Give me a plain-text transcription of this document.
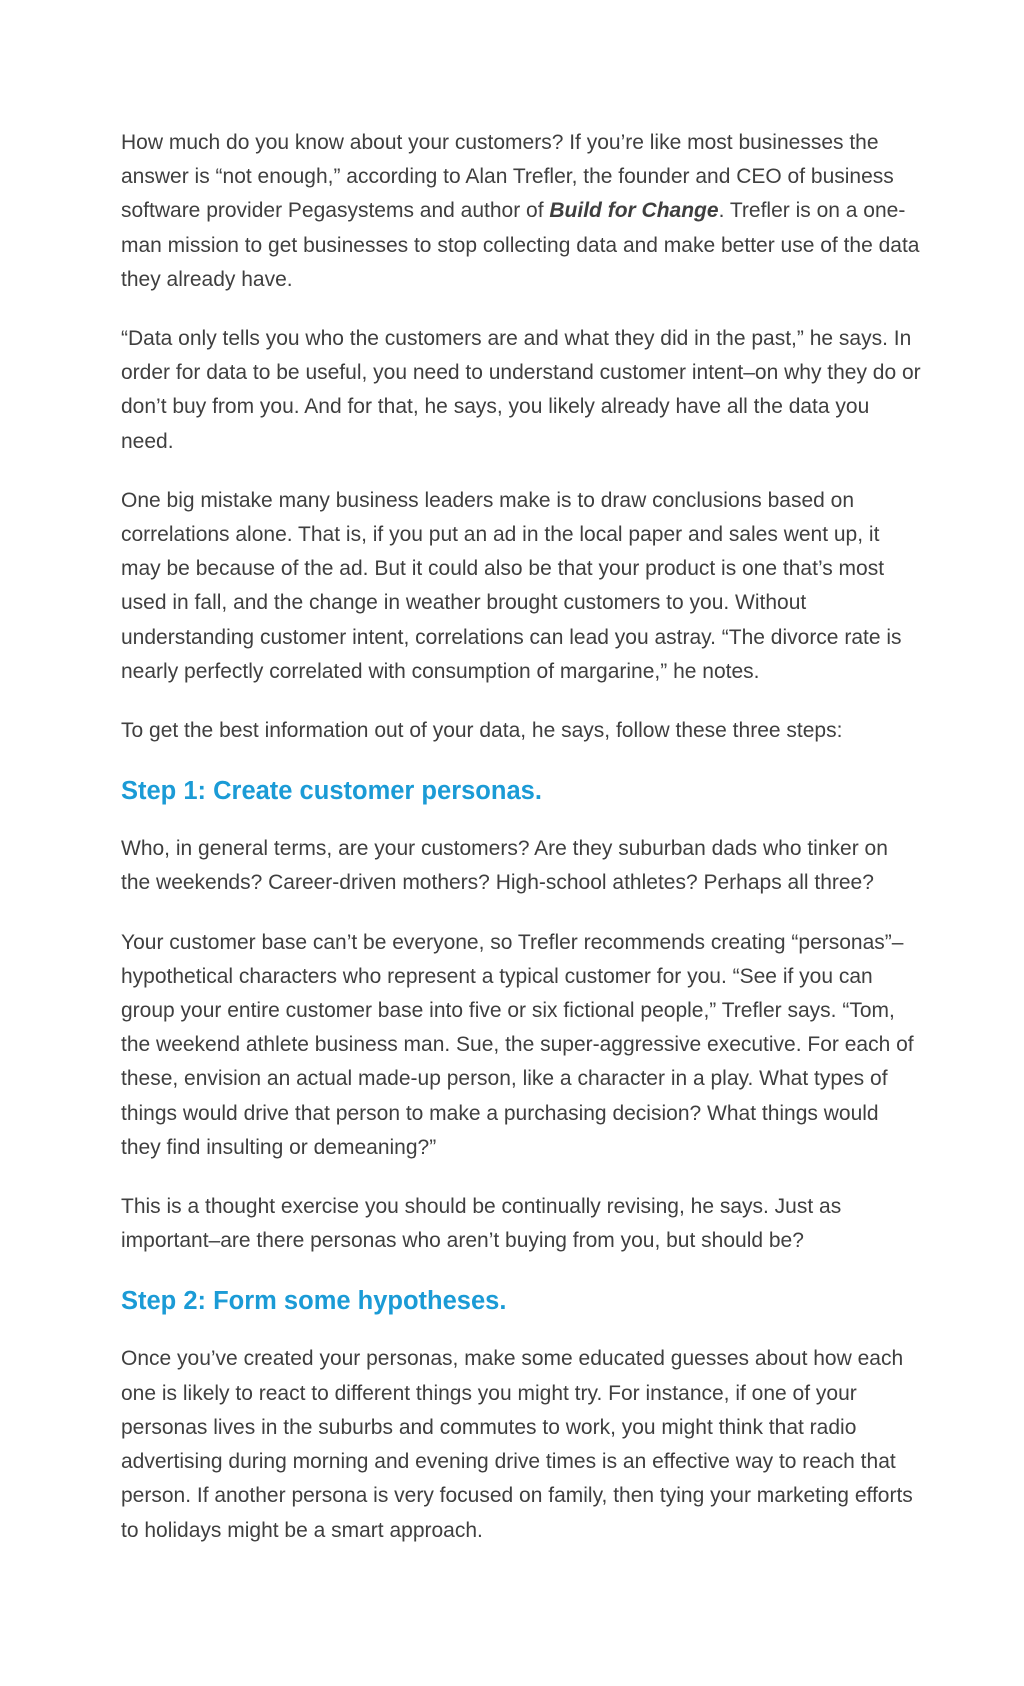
How much do you know about your customers? If you’re like most businesses the answer is “not enough,” according to Alan Trefler, the founder and CEO of business software provider Pegasystems and author of Build for Change. Trefler is on a one-man mission to get businesses to stop collecting data and make better use of the data they already have.

“Data only tells you who the customers are and what they did in the past,” he says. In order for data to be useful, you need to understand customer intent–on why they do or don’t buy from you. And for that, he says, you likely already have all the data you need.

One big mistake many business leaders make is to draw conclusions based on correlations alone. That is, if you put an ad in the local paper and sales went up, it may be because of the ad. But it could also be that your product is one that’s most used in fall, and the change in weather brought customers to you. Without understanding customer intent, correlations can lead you astray. “The divorce rate is nearly perfectly correlated with consumption of margarine,” he notes.

To get the best information out of your data, he says, follow these three steps:

Step 1: Create customer personas.

Who, in general terms, are your customers? Are they suburban dads who tinker on the weekends? Career-driven mothers? High-school athletes? Perhaps all three?

Your customer base can’t be everyone, so Trefler recommends creating “personas”–hypothetical characters who represent a typical customer for you. “See if you can group your entire customer base into five or six fictional people,” Trefler says. “Tom, the weekend athlete business man. Sue, the super-aggressive executive. For each of these, envision an actual made-up person, like a character in a play. What types of things would drive that person to make a purchasing decision? What things would they find insulting or demeaning?”

This is a thought exercise you should be continually revising, he says. Just as important–are there personas who aren’t buying from you, but should be?

Step 2: Form some hypotheses.

Once you’ve created your personas, make some educated guesses about how each one is likely to react to different things you might try. For instance, if one of your personas lives in the suburbs and commutes to work, you might think that radio advertising during morning and evening drive times is an effective way to reach that person. If another persona is very focused on family, then tying your marketing efforts to holidays might be a smart approach.
